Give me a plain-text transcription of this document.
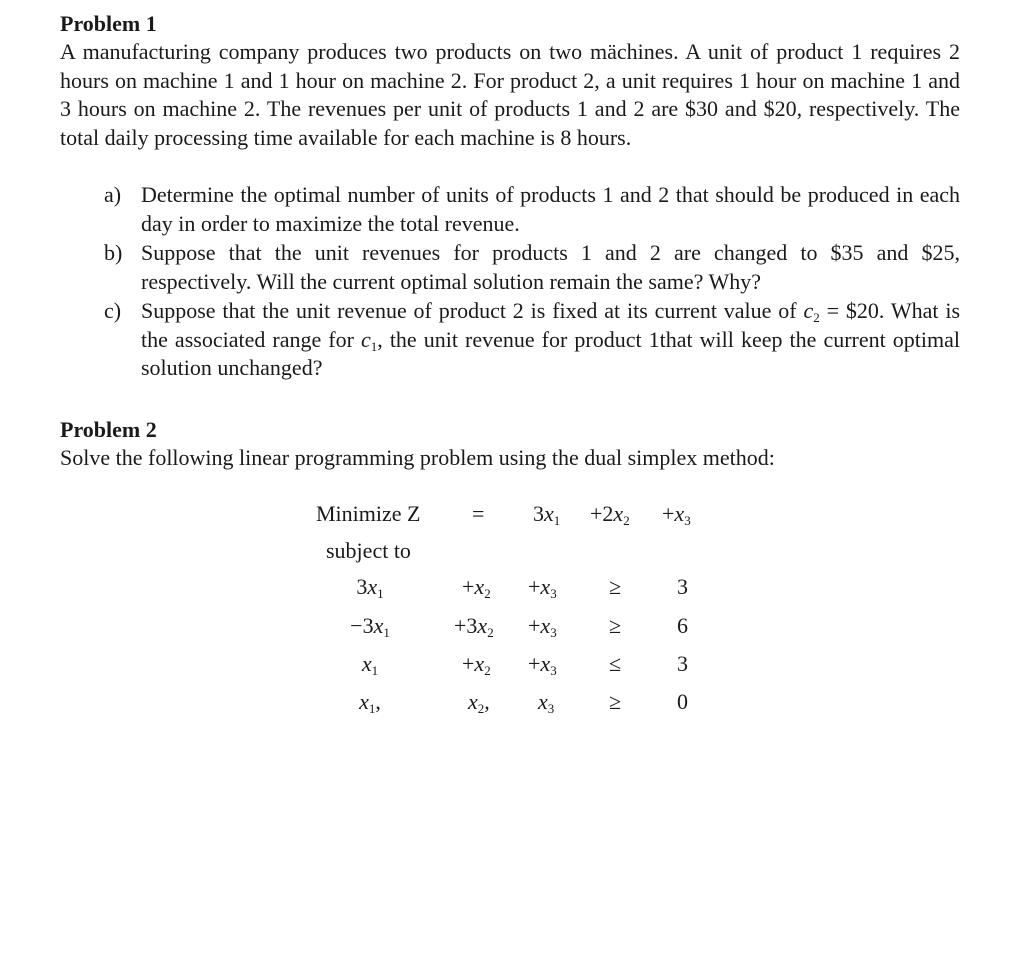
Problem 1
A manufacturing company produces two products on two mächines. A unit of product 1 requires 2 hours on machine 1 and 1 hour on machine 2. For product 2, a unit requires 1 hour on machine 1 and 3 hours on machine 2. The revenues per unit of products 1 and 2 are $30 and $20, respectively. The total daily processing time available for each machine is 8 hours.
a) Determine the optimal number of units of products 1 and 2 that should be produced in each day in order to maximize the total revenue.
b) Suppose that the unit revenues for products 1 and 2 are changed to $35 and $25, respectively. Will the current optimal solution remain the same? Why?
c) Suppose that the unit revenue of product 2 is fixed at its current value of $c_2$ = $20. What is the associated range for $c_1$, the unit revenue for product 1that will keep the current optimal solution unchanged?
Problem 2
Solve the following linear programming problem using the dual simplex method:
Minimize $Z = 3x_1 +2x_2 +x_3$
subject to
$3x_1$	$+x_2 +x_3$ ≥	3
$-3x_1$	$+3x_2 +x_3$ ≥	6
$x_1$	$+x_2 +x_3$ ≤	3
$x_1$,	$x_2$, $x_3$ ≥	0
